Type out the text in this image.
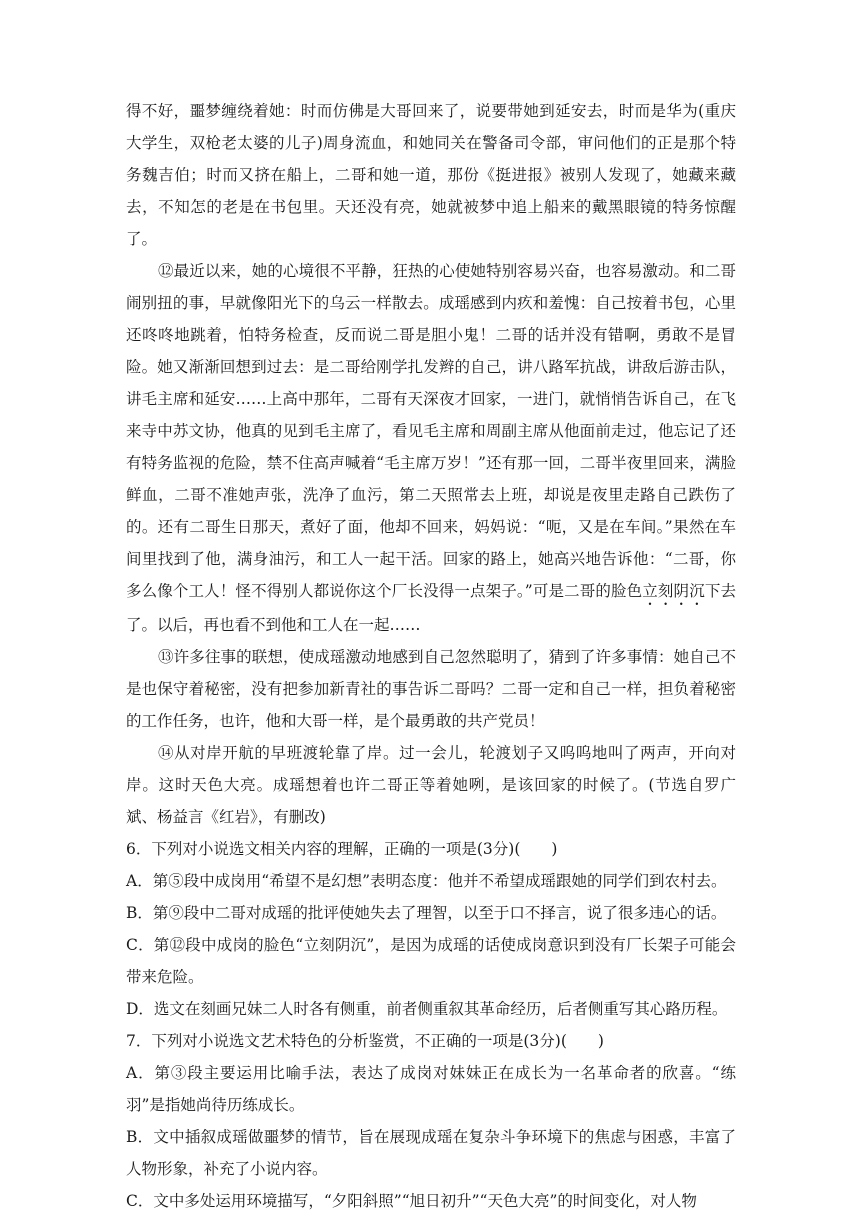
得不好，噩梦缠绕着她：时而仿佛是大哥回来了，说要带她到延安去，时而是华为(重庆大学生，双枪老太婆的儿子)周身流血，和她同关在警备司令部，审问他们的正是那个特务魏吉伯；时而又挤在船上，二哥和她一道，那份《挺进报》被别人发现了，她藏来藏去，不知怎的老是在书包里。天还没有亮，她就被梦中追上船来的戴黑眼镜的特务惊醒了。

⑫最近以来，她的心境很不平静，狂热的心使她特别容易兴奋，也容易激动。和二哥闹别扭的事，早就像阳光下的乌云一样散去。成瑶感到内疚和羞愧：自己按着书包，心里还咚咚地跳着，怕特务检查，反而说二哥是胆小鬼！二哥的话并没有错啊，勇敢不是冒险。她又渐渐回想到过去：是二哥给刚学扎发辫的自己，讲八路军抗战，讲敌后游击队，讲毛主席和延安……上高中那年，二哥有天深夜才回家，一进门，就悄悄告诉自己，在飞来寺中苏文协，他真的见到毛主席了，看见毛主席和周副主席从他面前走过，他忘记了还有特务监视的危险，禁不住高声喊着“毛主席万岁！”还有那一回，二哥半夜里回来，满脸鲜血，二哥不准她声张，洗净了血污，第二天照常去上班，却说是夜里走路自己跌伤了的。还有二哥生日那天，煮好了面，他却不回来，妈妈说：“呃，又是在车间。”果然在车间里找到了他，满身油污，和工人一起干活。回家的路上，她高兴地告诉他：“二哥，你多么像个工人！怪不得别人都说你这个厂长没得一点架子。”可是二哥的脸色立刻阴沉下去了。以后，再也看不到他和工人在一起……

⑬许多往事的联想，使成瑶激动地感到自己忽然聪明了，猜到了许多事情：她自己不是也保守着秘密，没有把参加新青社的事告诉二哥吗？二哥一定和自己一样，担负着秘密的工作任务，也许，他和大哥一样，是个最勇敢的共产党员！

⑭从对岸开航的早班渡轮靠了岸。过一会儿，轮渡划子又呜呜地叫了两声，开向对岸。这时天色大亮。成瑶想着也许二哥正等着她咧，是该回家的时候了。(节选自罗广斌、杨益言《红岩》，有删改)

6．下列对小说选文相关内容的理解，正确的一项是(3分)(　　)

A．第⑤段中成岗用“希望不是幻想”表明态度：他并不希望成瑶跟她的同学们到农村去。

B．第⑨段中二哥对成瑶的批评使她失去了理智，以至于口不择言，说了很多违心的话。

C．第⑫段中成岗的脸色“立刻阴沉”，是因为成瑶的话使成岗意识到没有厂长架子可能会带来危险。

D．选文在刻画兄妹二人时各有侧重，前者侧重叙其革命经历，后者侧重写其心路历程。

7．下列对小说选文艺术特色的分析鉴赏，不正确的一项是(3分)(　　)

A．第③段主要运用比喻手法，表达了成岗对妹妹正在成长为一名革命者的欣喜。“练羽”是指她尚待历练成长。

B．文中插叙成瑶做噩梦的情节，旨在展现成瑶在复杂斗争环境下的焦虑与困惑，丰富了人物形象，补充了小说内容。

C．文中多处运用环境描写，“夕阳斜照”“旭日初升”“天色大亮”的时间变化，对人物
